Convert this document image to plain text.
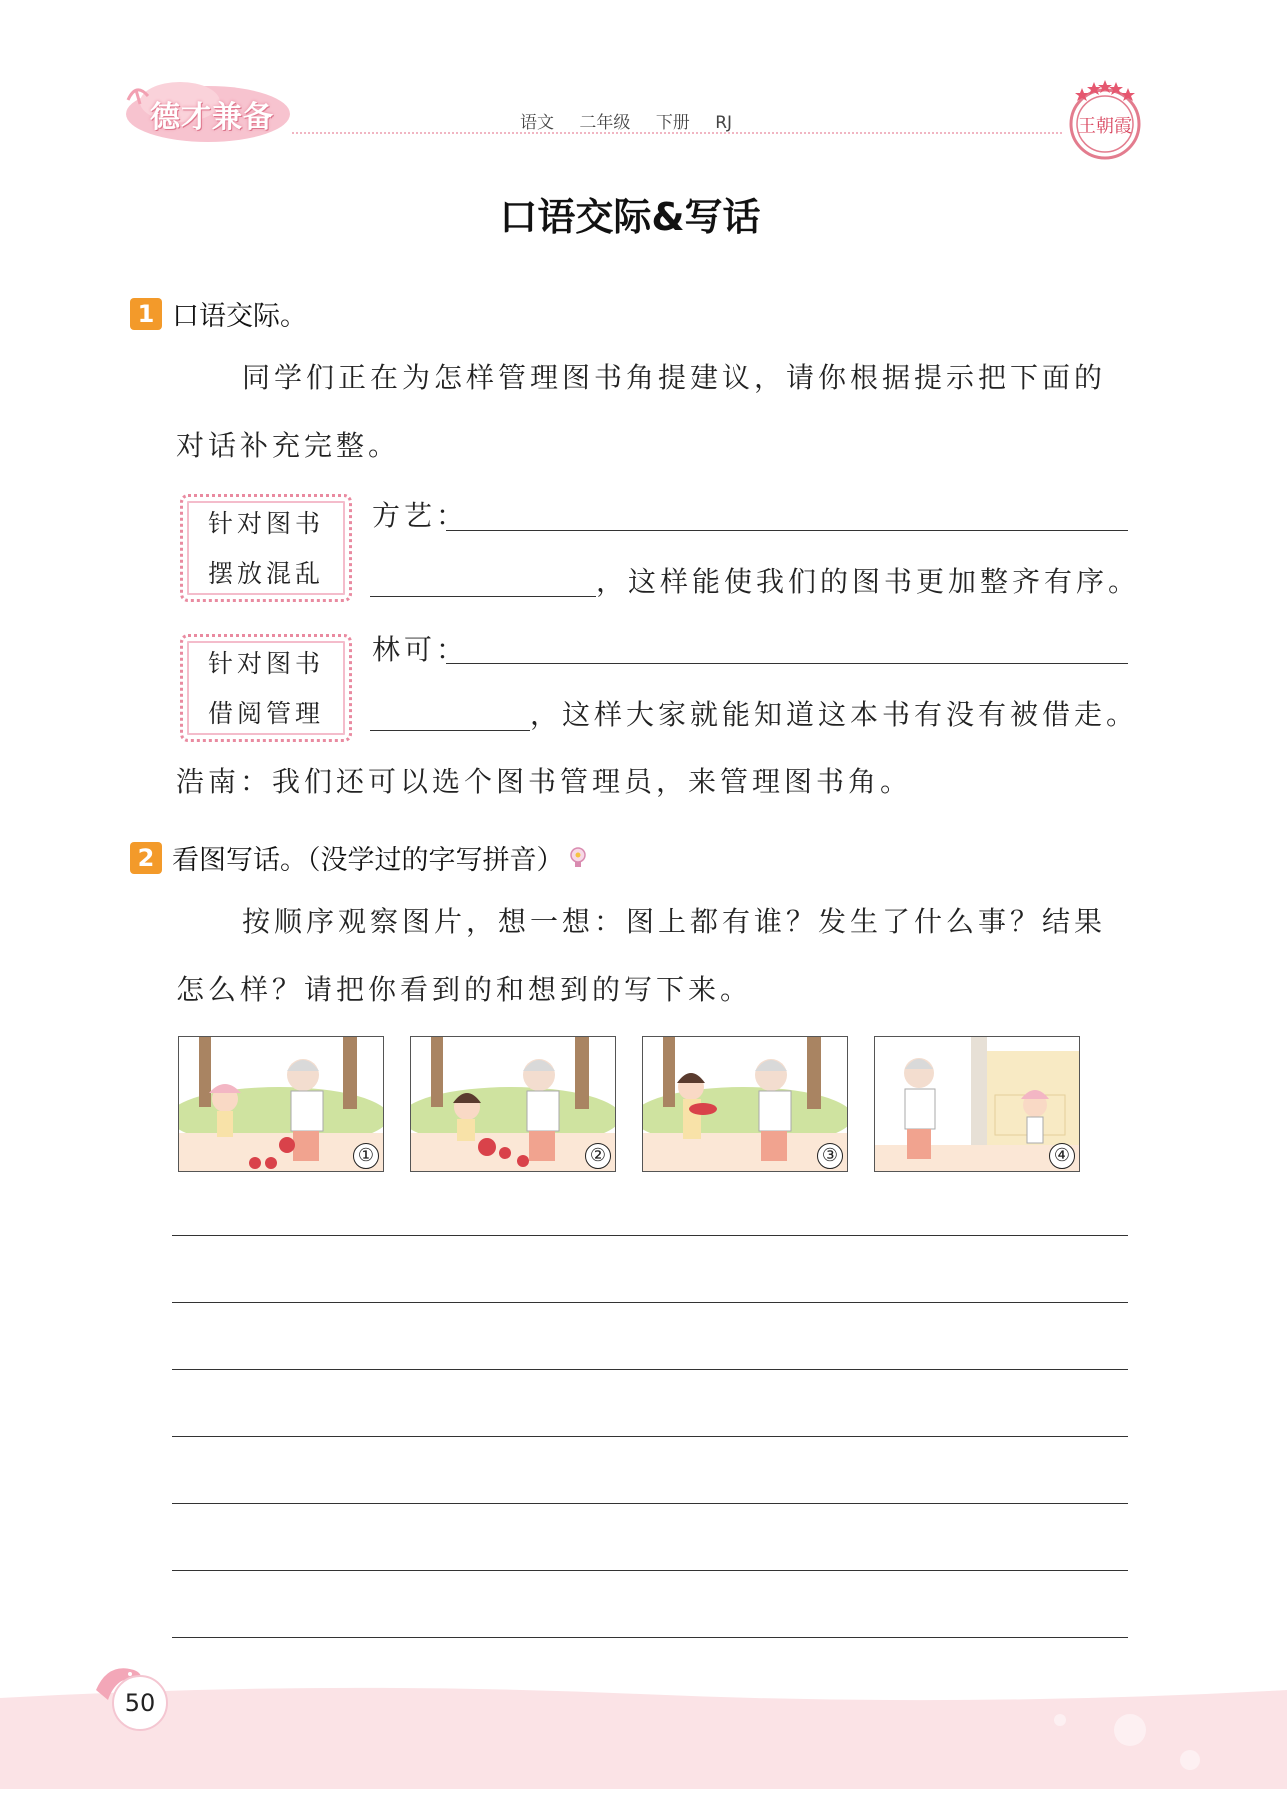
德才兼备	语文 二年级 下册 RJ	王朝霞
口语交际&写话
1 口语交际。
同学们正在为怎样管理图书角提建议，请你根据提示把下面的
对话补充完整。
针对图书
摆放混乱
方艺：
，这样能使我们的图书更加整齐有序。
针对图书
借阅管理
林可：
，这样大家就能知道这本书有没有被借走。
浩南：我们还可以选个图书管理员，来管理图书角。
2 看图写话。（没学过的字写拼音）
按顺序观察图片，想一想：图上都有谁？发生了什么事？结果
怎么样？请把你看到的和想到的写下来。
①	②	③	④
50
